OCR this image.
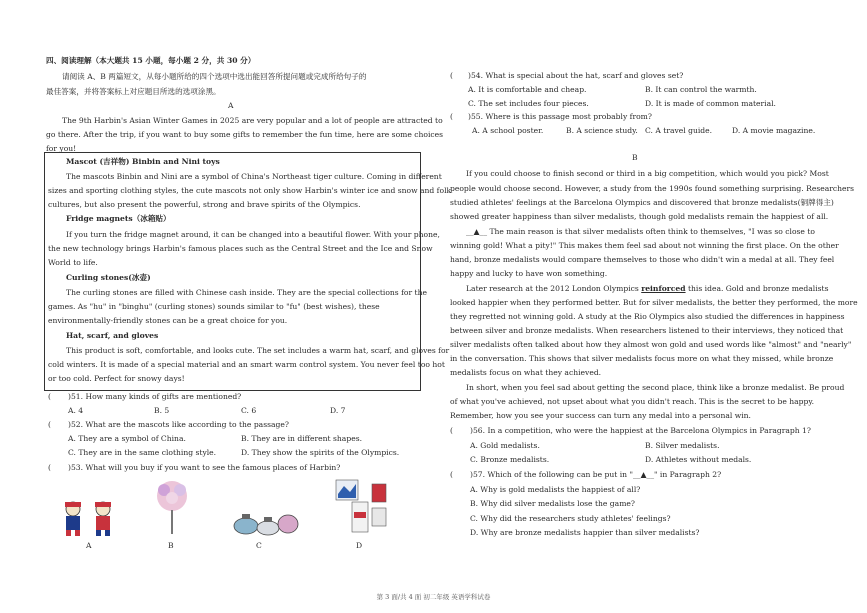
四、阅读理解（本大题共 15 小题，每小题 2 分，共 30 分）
请阅读 A、B 两篇短文，从每小题所给的四个选项中选出能回答所提问题或完成所给句子的
最佳答案，并将答案标上对应题目所选的选项涂黑。
A
The 9th Harbin's Asian Winter Games in 2025 are very popular and a lot of people are attracted to
go there. After the trip, if you want to buy some gifts to remember the fun time, here are some choices
for you!
Mascot (吉祥物) Binbin and Nini toys
The mascots Binbin and Nini are a symbol of China's Northeast tiger culture. Coming in different
sizes and sporting clothing styles, the cute mascots not only show Harbin's winter ice and snow and folk
cultures, but also present the powerful, strong and brave spirits of the Olympics.
Fridge magnets（冰箱贴）
If you turn the fridge magnet around, it can be changed into a beautiful flower. With your phone,
the new technology brings Harbin's famous places such as the Central Street and the Ice and Snow
World to life.
Curling stones(冰壶)
The curling stones are filled with Chinese cash inside. They are the special collections for the
games. As "hu" in "binghu" (curling stones) sounds similar to "fu" (best wishes), these
environmentally-friendly stones can be a great choice for you.
Hat, scarf, and gloves
This product is soft, comfortable, and looks cute. The set includes a warm hat, scarf, and gloves for
cold winters. It is made of a special material and an smart warm control system. You never feel too hot
or too cold. Perfect for snowy days!
( )51. How many kinds of gifts are mentioned?
A. 4	B. 5	C. 6	D. 7
( )52. What are the mascots like according to the passage?
A. They are a symbol of China.	B. They are in different shapes.
C. They are in the same clothing style.	D. They show the spirits of the Olympics.
( )53. What will you buy if you want to see the famous places of Harbin?
A	B	C	D
( )54. What is special about the hat, scarf and gloves set?
A. It is comfortable and cheap.	B. It can control the warmth.
C. The set includes four pieces.	D. It is made of common material.
( )55. Where is this passage most probably from?
A. A school poster.	B. A science study. C. A travel guide.	D. A movie magazine.
B
If you could choose to finish second or third in a big competition, which would you pick? Most
people would choose second. However, a study from the 1990s found something surprising. Researchers
studied athletes' feelings at the Barcelona Olympics and discovered that bronze medalists(铜牌得主)
showed greater happiness than silver medalists, though gold medalists remain the happiest of all.
__▲__ The main reason is that silver medalists often think to themselves, "I was so close to
winning gold! What a pity!" This makes them feel sad about not winning the first place. On the other
hand, bronze medalists would compare themselves to those who didn't win a medal at all. They feel
happy and lucky to have won something.
Later research at the 2012 London Olympics reinforced this idea. Gold and bronze medalists
looked happier when they performed better. But for silver medalists, the better they performed, the more
they regretted not winning gold. A study at the Rio Olympics also studied the differences in happiness
between silver and bronze medalists. When researchers listened to their interviews, they noticed that
silver medalists often talked about how they almost won gold and used words like "almost" and "nearly"
in the conversation. This shows that silver medalists focus more on what they missed, while bronze
medalists focus on what they achieved.
In short, when you feel sad about getting the second place, think like a bronze medalist. Be proud
of what you've achieved, not upset about what you didn't reach. This is the secret to be happy.
Remember, how you see your success can turn any medal into a personal win.
( )56. In a competition, who were the happiest at the Barcelona Olympics in Paragraph 1?
A. Gold medalists.	B. Silver medalists.
C. Bronze medalists.	D. Athletes without medals.
( )57. Which of the following can be put in "__▲__" in Paragraph 2?
A. Why is gold medalists the happiest of all?
B. Why did silver medalists lose the game?
C. Why did the researchers study athletes' feelings?
D. Why are bronze medalists happier than silver medalists?
第 3 面/共 4 面 初二年级 英语学科试卷
